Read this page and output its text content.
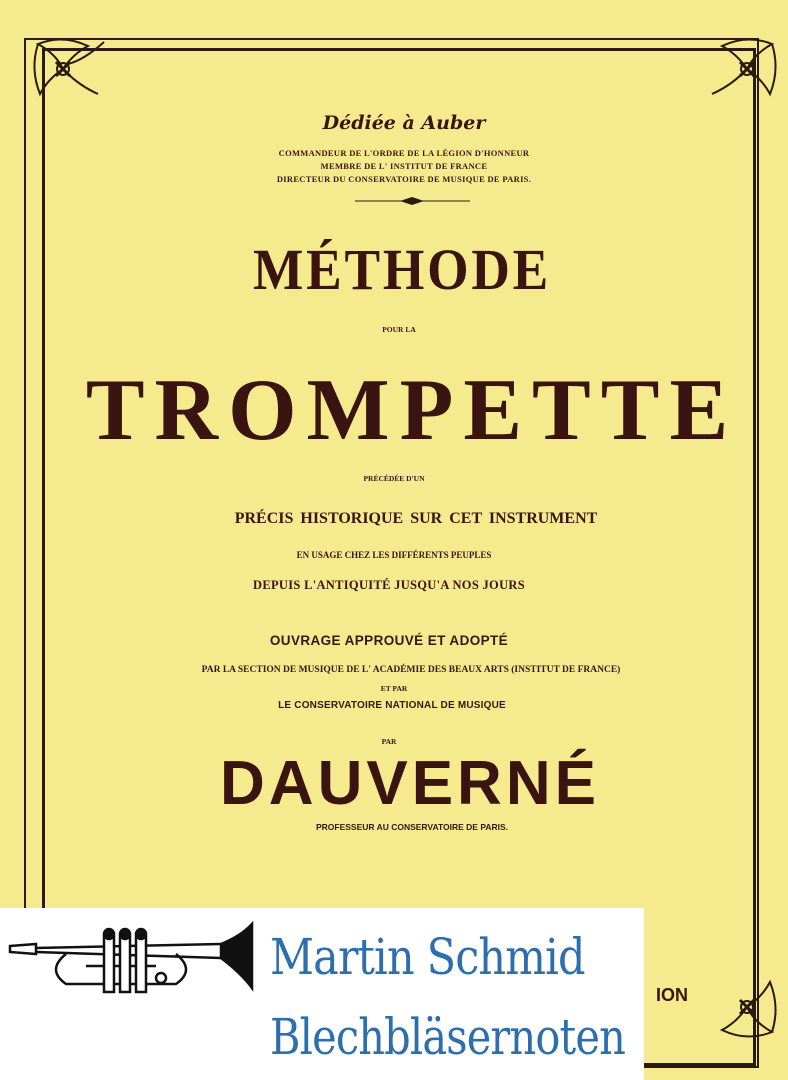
Dédiée à Auber
COMMANDEUR DE L'ORDRE DE LA LÉGION D'HONNEUR
MEMBRE DE L' INSTITUT DE FRANCE
DIRECTEUR DU CONSERVATOIRE DE MUSIQUE DE PARIS.
MÉTHODE
POUR LA
TROMPETTE
PRÉCÉDÉE D'UN
PRÉCIS HISTORIQUE SUR CET INSTRUMENT
EN USAGE CHEZ LES DIFFÉRENTS PEUPLES
DEPUIS L'ANTIQUITÉ JUSQU'A NOS JOURS
OUVRAGE APPROUVÉ ET ADOPTÉ
PAR LA SECTION DE MUSIQUE DE L' ACADÉMIE DES BEAUX ARTS (INSTITUT DE FRANCE)
ET PAR
LE CONSERVATOIRE NATIONAL DE MUSIQUE
PAR
DAUVERNÉ
PROFESSEUR AU CONSERVATOIRE DE PARIS.
ION
Martin Schmid
Blechbläsernoten
